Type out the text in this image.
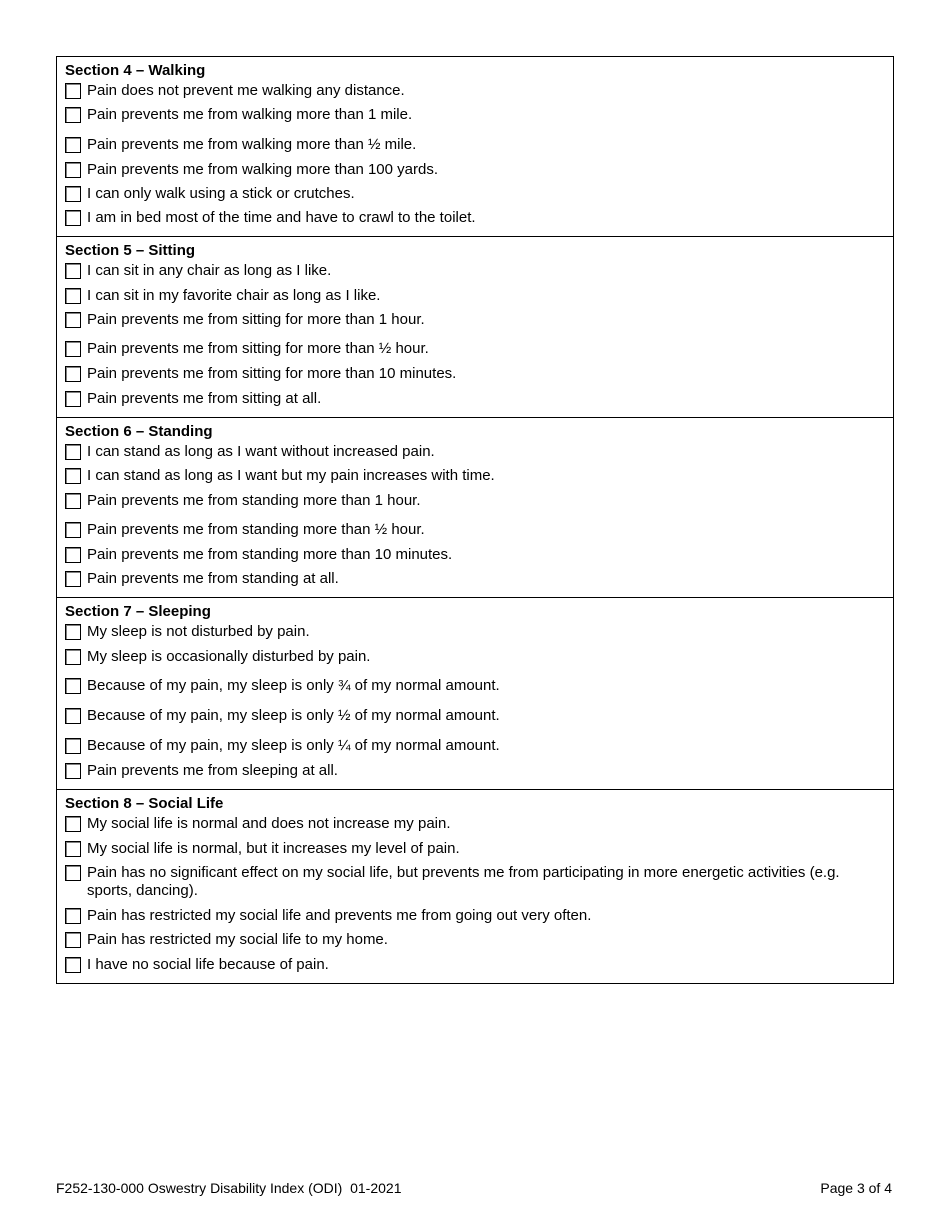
Section 4 – Walking
Pain does not prevent me walking any distance.
Pain prevents me from walking more than 1 mile.
Pain prevents me from walking more than ½ mile.
Pain prevents me from walking more than 100 yards.
I can only walk using a stick or crutches.
I am in bed most of the time and have to crawl to the toilet.
Section 5 – Sitting
I can sit in any chair as long as I like.
I can sit in my favorite chair as long as I like.
Pain prevents me from sitting for more than 1 hour.
Pain prevents me from sitting for more than ½ hour.
Pain prevents me from sitting for more than 10 minutes.
Pain prevents me from sitting at all.
Section 6 – Standing
I can stand as long as I want without increased pain.
I can stand as long as I want but my pain increases with time.
Pain prevents me from standing more than 1 hour.
Pain prevents me from standing more than ½ hour.
Pain prevents me from standing more than 10 minutes.
Pain prevents me from standing at all.
Section 7 – Sleeping
My sleep is not disturbed by pain.
My sleep is occasionally disturbed by pain.
Because of my pain, my sleep is only ¾ of my normal amount.
Because of my pain, my sleep is only ½ of my normal amount.
Because of my pain, my sleep is only ¼ of my normal amount.
Pain prevents me from sleeping at all.
Section 8 – Social Life
My social life is normal and does not increase my pain.
My social life is normal, but it increases my level of pain.
Pain has no significant effect on my social life, but prevents me from participating in more energetic activities (e.g. sports, dancing).
Pain has restricted my social life and prevents me from going out very often.
Pain has restricted my social life to my home.
I have no social life because of pain.
F252-130-000 Oswestry Disability Index (ODI)  01-2021	Page 3 of 4
